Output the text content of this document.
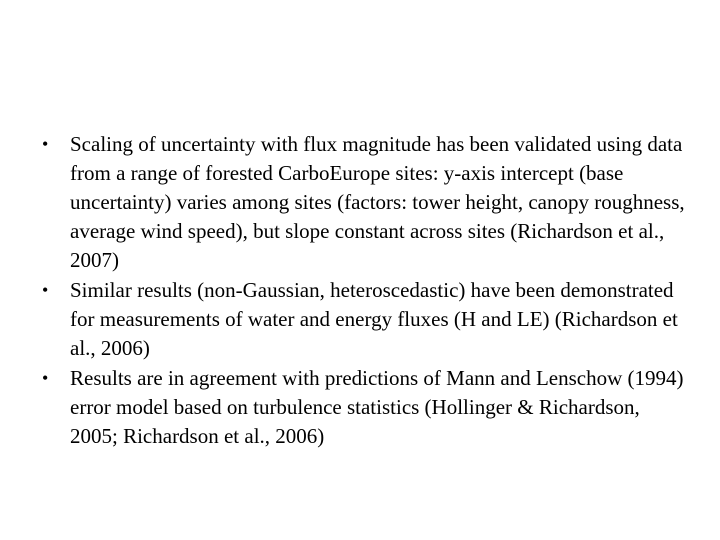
•	Scaling of uncertainty with flux magnitude has been validated using data from a range of forested CarboEurope sites: y-axis intercept (base uncertainty) varies among sites (factors: tower height, canopy roughness, average wind speed), but slope constant across sites (Richardson et al., 2007)
•	Similar results (non-Gaussian, heteroscedastic) have been demonstrated for measurements of water and energy fluxes (H and LE) (Richardson et al., 2006)
•	Results are in agreement with predictions of Mann and Lenschow (1994) error model based on turbulence statistics (Hollinger & Richardson, 2005; Richardson et al., 2006)
